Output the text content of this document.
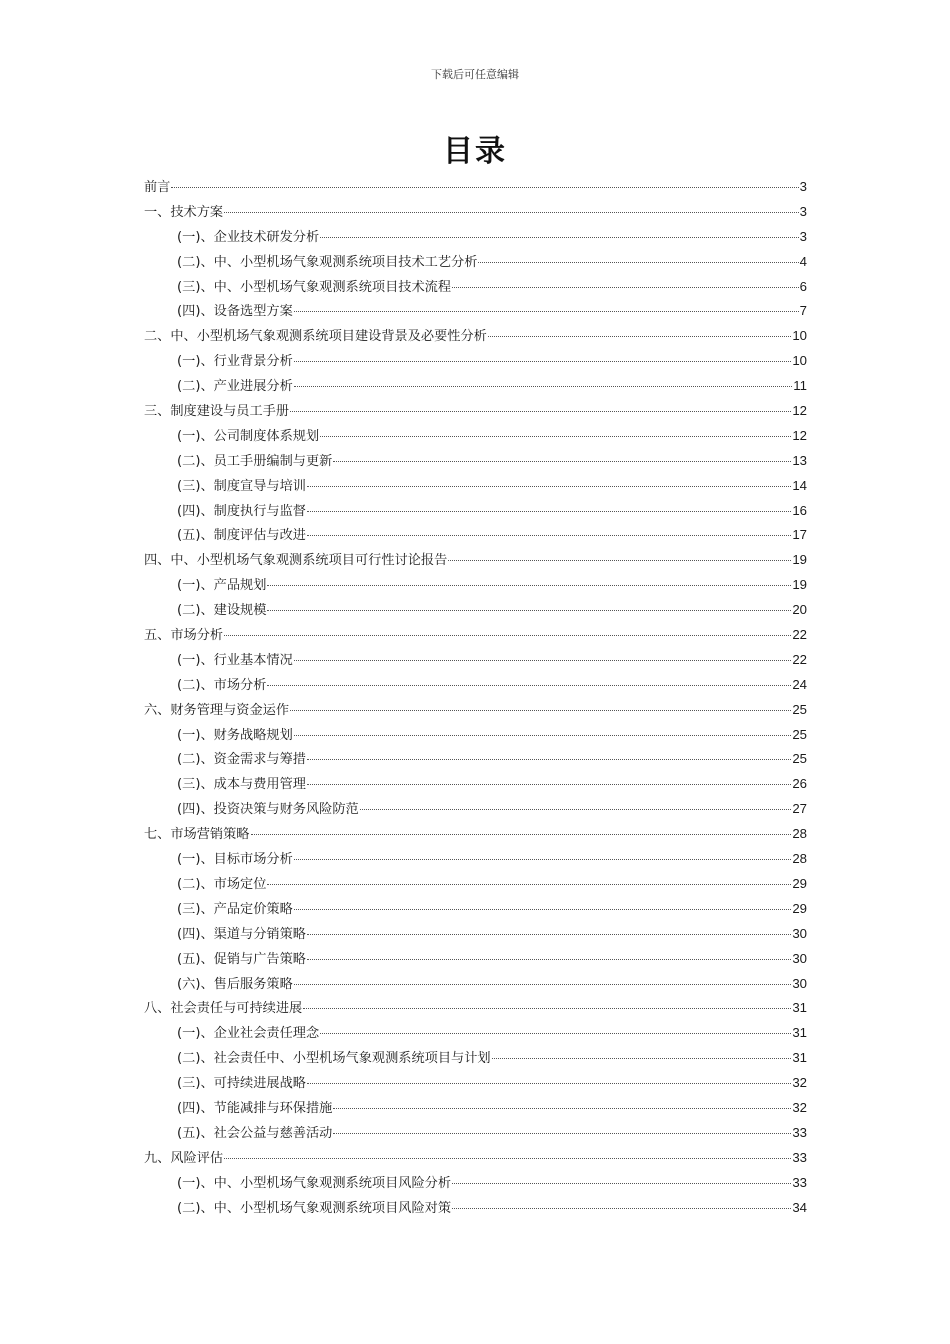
下载后可任意编辑
目录
前言	3
一、技术方案	3
(一)、企业技术研发分析	3
(二)、中、小型机场气象观测系统项目技术工艺分析	4
(三)、中、小型机场气象观测系统项目技术流程	6
(四)、设备选型方案	7
二、中、小型机场气象观测系统项目建设背景及必要性分析	10
(一)、行业背景分析	10
(二)、产业进展分析	11
三、制度建设与员工手册	12
(一)、公司制度体系规划	12
(二)、员工手册编制与更新	13
(三)、制度宣导与培训	14
(四)、制度执行与监督	16
(五)、制度评估与改进	17
四、中、小型机场气象观测系统项目可行性讨论报告	19
(一)、产品规划	19
(二)、建设规模	20
五、市场分析	22
(一)、行业基本情况	22
(二)、市场分析	24
六、财务管理与资金运作	25
(一)、财务战略规划	25
(二)、资金需求与筹措	25
(三)、成本与费用管理	26
(四)、投资决策与财务风险防范	27
七、市场营销策略	28
(一)、目标市场分析	28
(二)、市场定位	29
(三)、产品定价策略	29
(四)、渠道与分销策略	30
(五)、促销与广告策略	30
(六)、售后服务策略	30
八、社会责任与可持续进展	31
(一)、企业社会责任理念	31
(二)、社会责任中、小型机场气象观测系统项目与计划	31
(三)、可持续进展战略	32
(四)、节能减排与环保措施	32
(五)、社会公益与慈善活动	33
九、风险评估	33
(一)、中、小型机场气象观测系统项目风险分析	33
(二)、中、小型机场气象观测系统项目风险对策	34
